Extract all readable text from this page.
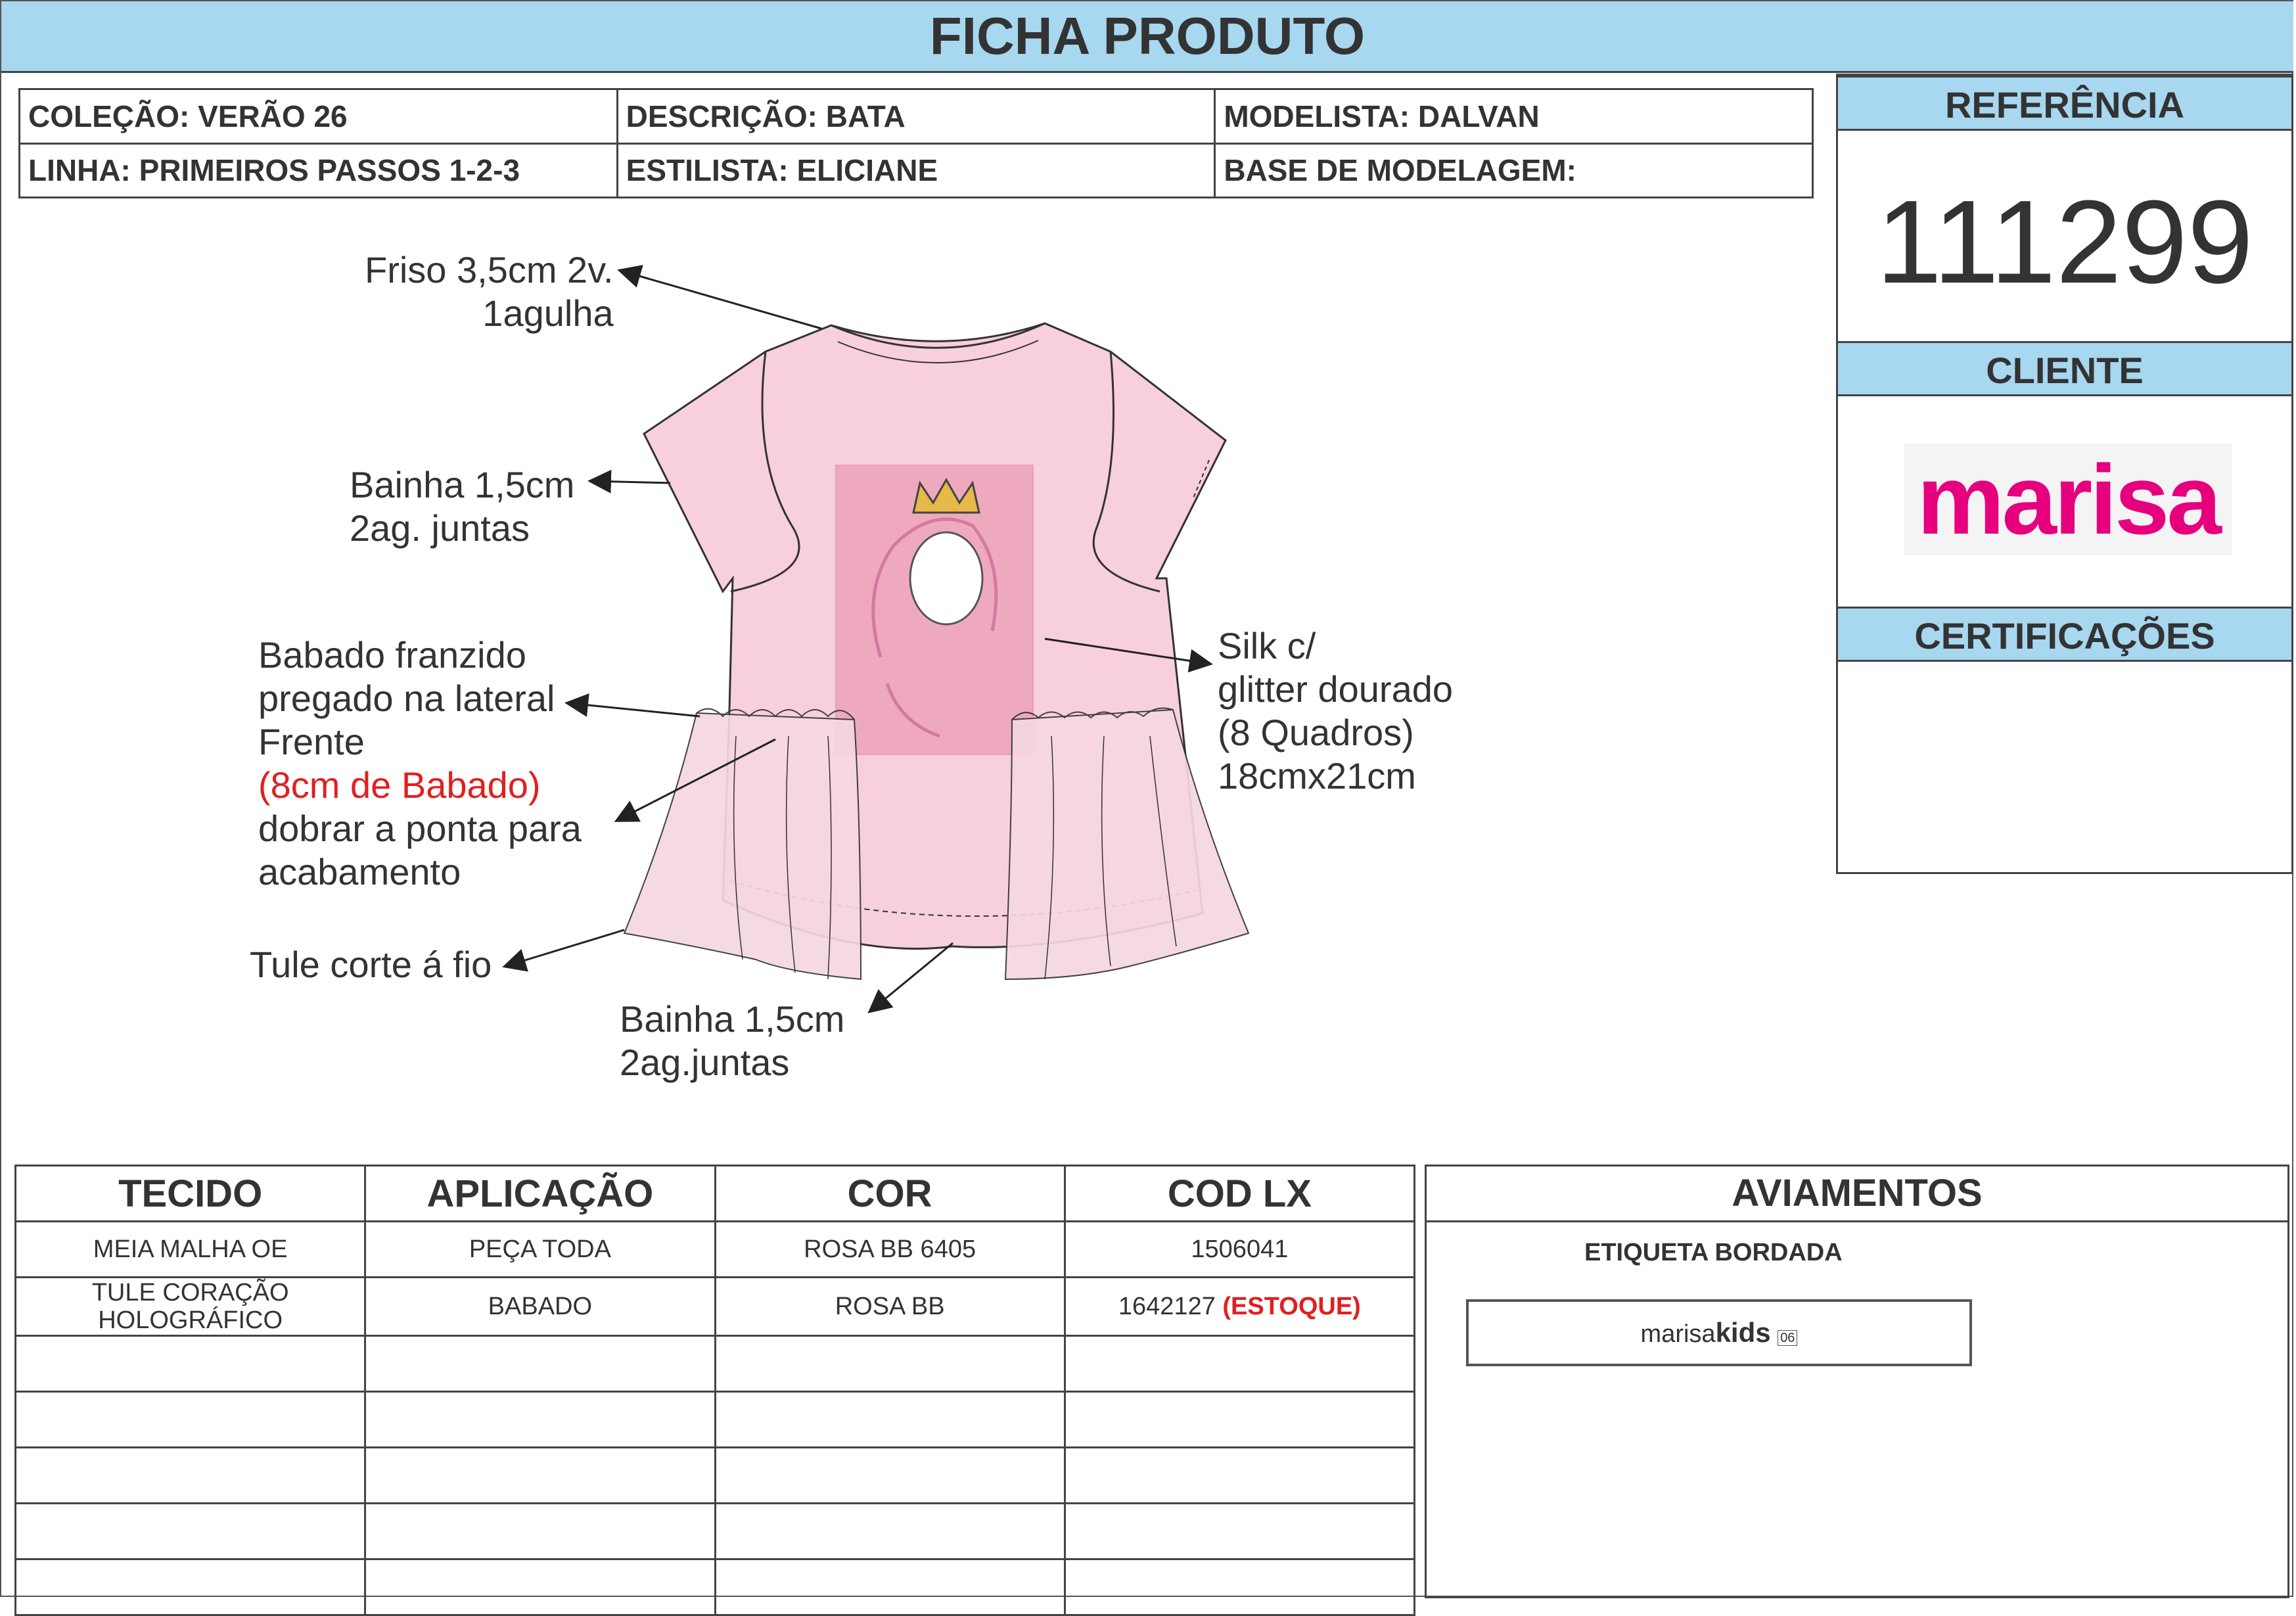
FICHA PRODUTO
COLEÇÃO: VERÃO 26	DESCRIÇÃO: BATA	MODELISTA: DALVAN
LINHA: PRIMEIROS PASSOS 1-2-3	ESTILISTA: ELICIANE	BASE DE MODELAGEM:
REFERÊNCIA
111299
CLIENTE
marisa
CERTIFICAÇÕES
Friso 3,5cm 2v.
1agulha
Bainha 1,5cm
2ag. juntas
Babado franzido
pregado na lateral
Frente
(8cm de Babado)
dobrar a ponta para
acabamento
Tule corte á fio
Bainha 1,5cm
2ag.juntas
Silk c/
glitter dourado
(8 Quadros)
18cmx21cm
TECIDO	APLICAÇÃO	COR	COD LX
MEIA MALHA OE	PEÇA TODA	ROSA BB 6405	1506041
TULE CORAÇÃO HOLOGRÁFICO	BABADO	ROSA BB	1642127 (ESTOQUE)

AVIAMENTOS
ETIQUETA BORDADA
marisakids 06
